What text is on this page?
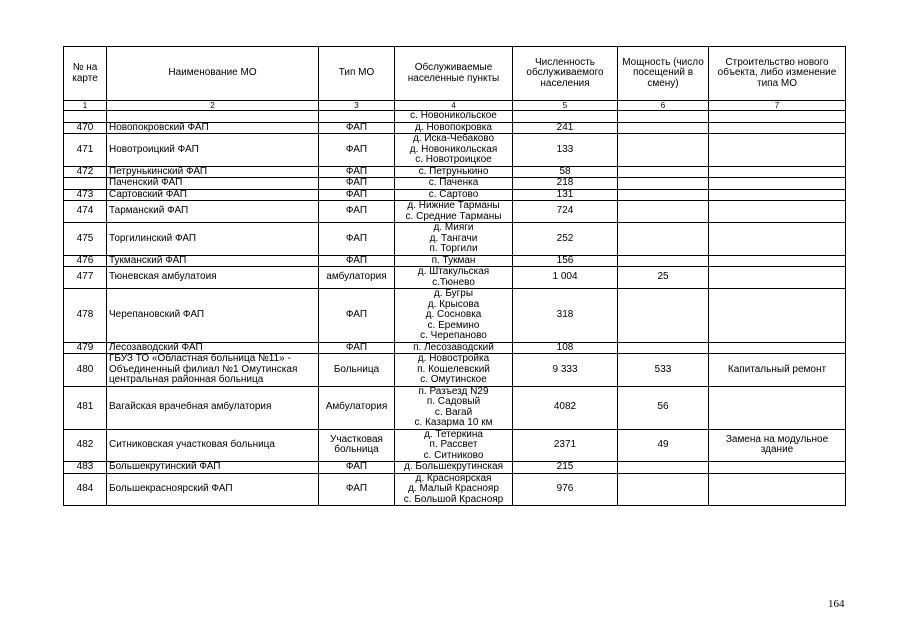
№ на карте	Наименование МО	Тип МО	Обслуживаемые населенные пункты	Численность обслуживаемого населения	Мощность (число посещений в смену)	Строительство нового объекта, либо изменение типа МО
1	2	3	4	5	6	7

			с. Новоникольское			

470	Новопокровский ФАП	ФАП	д. Новопокровка	241		
471	Новотроицкий ФАП	ФАП	д. Иска-Чебаково
д. Новоникольская
с. Новотроицкое	133		
472	Петрунькинский ФАП	ФАП	с. Петрунькино	58		
	Паченский ФАП	ФАП	с. Паченка	218		
473	Сартовский ФАП	ФАП	с. Сартово	131		
474	Тарманский ФАП	ФАП	д. Нижние Тарманы
с. Средние Тарманы	724		
475	Торгилинский ФАП	ФАП	д. Мияги
д. Тангачи
п. Торгили	252		
476	Тукманский ФАП	ФАП	п. Тукман	156		
477	Тюневская амбулатоия	амбулатория	д. Штакульская
с.Тюнево	1 004	25	
478	Черепановский ФАП	ФАП	д. Бугры
д. Крысова
д. Сосновка
с. Еремино
с. Черепаново	318		
479	Лесозаводский ФАП	ФАП	п. Лесозаводский	108		
480	ГБУЗ ТО «Областная больница №11» - Объединенный филиал №1 Омутинская центральная районная больница	Больница	д. Новостройка
п. Кошелевский
с. Омутинское	9 333	533	Капитальный ремонт
481	Вагайская врачебная амбулатория	Амбулатория	п. Разъезд N29
п. Садовый
с. Вагай
с. Казарма 10 км	4082	56	
482	Ситниковская участковая больница	Участковая больница	д. Тетеркина
п. Рассвет
с. Ситниково	2371	49	Замена на модульное здание
483	Большекрутинский ФАП	ФАП	д. Большекрутинская	215		
484	Большекрасноярский ФАП	ФАП	д. Красноярская
д. Малый Краснояр
с. Большой Краснояр	976		
164
